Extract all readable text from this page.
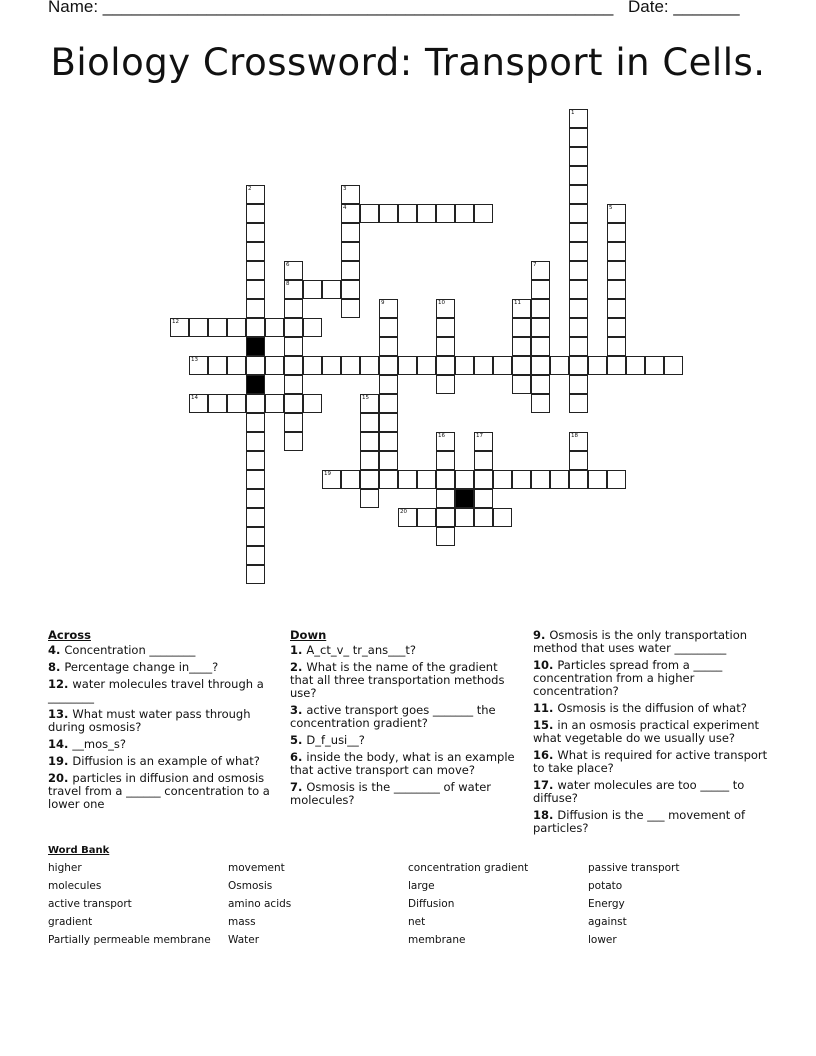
Name: ______________________________________________________ Date: _______
Biology Crossword: Transport in Cells.
1
2	3
4	5
6
8
7
9	10	11
12
13
14	15
16	17	18
19
20
Across
4. Concentration ________
8. Percentage change in____?
12. water molecules travel through a ________
13. What must water pass through during osmosis?
14. __mos_s?
19. Diffusion is an example of what?
20. particles in diffusion and osmosis travel from a ______ concentration to a lower one
Down
1. A_ct_v_ tr_ans___t?
2. What is the name of the gradient that all three transportation methods use?
3. active transport goes _______ the concentration gradient?
5. D_f_usi__?
6. inside the body, what is an example that active transport can move?
7. Osmosis is the ________ of water molecules?
9. Osmosis is the only transportation method that uses water _________
10. Particles spread from a _____ concentration from a higher concentration?
11. Osmosis is the diffusion of what?
15. in an osmosis practical experiment what vegetable do we usually use?
16. What is required for active transport to take place?
17. water molecules are too _____ to diffuse?
18. Diffusion is the ___ movement of particles?
Word Bank
higher	movement	concentration gradient	passive transport
molecules	Osmosis	large	potato
active transport	amino acids	Diffusion	Energy
gradient	mass	net	against
Partially permeable membrane	Water	membrane	lower
